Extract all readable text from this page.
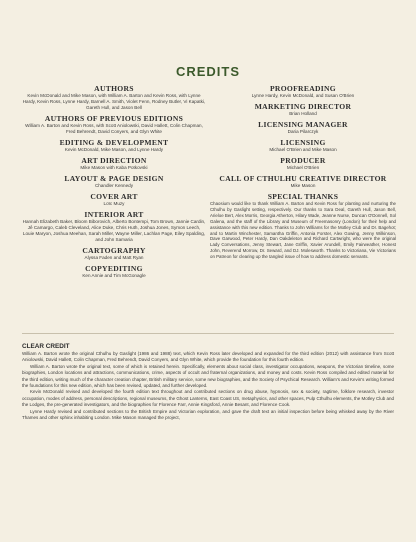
CREDITS
AUTHORS
Kevin McDonald and Mike Mason, with William A. Barton and Kevin Ross, with Lynne Hardy, Kevin Ross, Lynne Hardy, Barnell A. Smith, Violet Fenn, Rodney Butler, Vi Kapatki, Gareth Hull, and Jason Bell
AUTHORS OF PREVIOUS EDITIONS
William A. Barton and Kevin Ross, with Scott Aniolowski, David Hallett, Colin Chapman, Fred Behrendt, David Conyers, and Glyn White
EDITING & DEVELOPMENT
Kevin McDonald, Mike Mason, and Lynne Hardy
ART DIRECTION
Mike Mason with Kaba Potkovski
LAYOUT & PAGE DESIGN
Chandler Kennedy
COVER ART
Loïc Muzy
INTERIOR ART
Hannah Elizabeth Baker, Bloom Biborovich, Alberto Bontempi, Tom Brown, Jannie Cardin, Jê Camargo, Caleb Cleveland, Alice Duke, Chris Huth, Joshua Jones, Symon Leech, Louie Maryon, Joshua Meehan, Sarah Miller, Wayne Miller, Lachlan Page, Eiley Spalding, and John Samaria
CARTOGRAPHY
Alyssa Faden and Matt Ryan
COPYEDITING
Ken Annie and Tim McGonagle
PROOFREADING
Lynne Hardy, Kevin McDonald, and Susan O'Brien
MARKETING DIRECTOR
Brian Holland
LICENSING MANAGER
Daria Pilarczyk
LICENSING
Michael O'Brien and Mike Mason
PRODUCER
Michael O'Brien
CALL OF CTHULHU CREATIVE DIRECTOR
Mike Mason
SPECIAL THANKS
Chaosium would like to thank William A. Barton and Kevin Ross for planting and nurturing the Cthulhu by Gaslight setting, respectively. Our thanks to Sara Deal, Gareth Hull, Jason Bell, Arieloe Bert, Alex Morris, Georgia Atherton, Hilary Wade, Jeanne Nurse, Duncan O'Donnell, Sol Galena, and the staff of the Library and Museum of Freemasonry (London) for their help and assistance with this new edition. Thanks to John Williams for the Motley Club and Dr. Bagehot; and to Martin Winchester, Samantha Griffin, Antonia Forster, Alex Gowing, Jenny Wilkinson, Dave Garwood, Peter Hardy, Dan Oakdeleton and Richard Cartwright, who were the original Lady Conversations, Jenny Stewart, Jane Griffin, Xavier Arundell, Emily Fairweather, Honest John, Reverend Morrow, Dr. Seward, and DJ. Molesworth. Thanks to Victoriana, Vie Victorians on Patreon for clearing up the tangled issue of how to address domestic servants.
CLEAR CREDIT

William A. Barton wrote the original Cthulhu by Gaslight (1986 and 1988) text, which Kevin Ross later developed and expanded for the third edition (2012) with assistance from Scott Aniolowski, David Hallett, Colin Chapman, Fred Behrendt, David Conyers, and Glyn White, which provide the foundation for this fourth edition.

William A. Barton wrote the original text, some of which is retained herein. Specifically, elements about social class, investigator occupations, weapons, the Victorian timeline, some biographies, London locations and attractions, communications, crime, aspects of occult and fraternal organizations, and money and costs. Kevin Ross compiled and edited material for the third edition, writing much of the character creation chapter, British military service, some new biographies, and the Society of Psychical Research. William's and Kevin's writing formed the foundations for this new edition, which has been revised, updated, and further developed.

Kevin McDonald revised and developed the fourth edition text throughout and contributed sections on drug abuse, hypnosis, sex & society, ragtime, folklore research, investor occupation, modes of address, personal descriptions, regional museums, the Ghost Lanterns, East Coast US, metaphysics, and other spaces, Pulp Cthulhu elements, the Motley Club and the Lodges, the pre-generated investigators, and the biographies for Florence Farr, Annie Kingsford, Annie Besant, and Florence Cook.

Lynne Hardy revised and contributed sections to the British Empire and Victorian exploration, and gave the draft text an initial inspection before being whisked away by the River Thames and other sphinx inhabiting London. Mike Mason managed the project,
